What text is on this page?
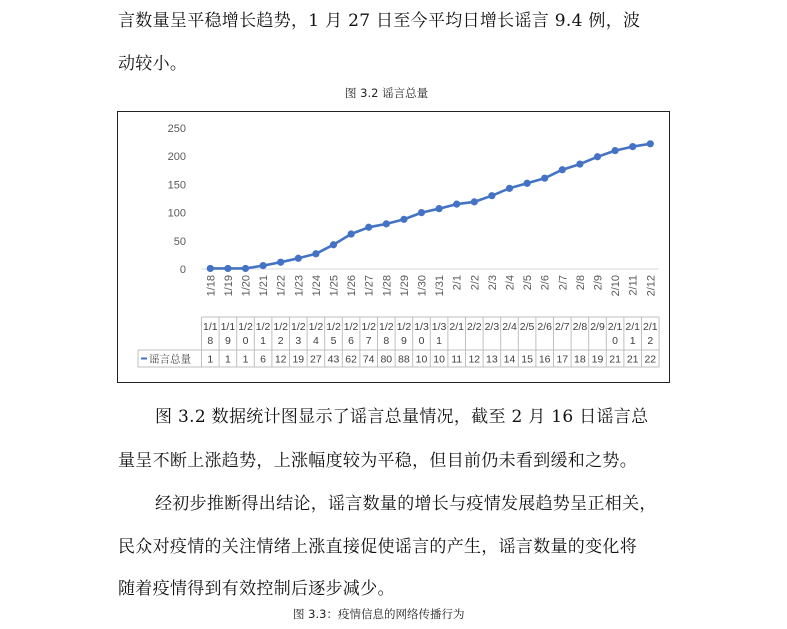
言数量呈平稳增长趋势，1 月 27 日至今平均日增长谣言 9.4 例，波
动较小。
图 3.2 谣言总量
0
50
100
150
200
250
1/18 1/19 1/20 1/21 1/22 1/23 1/24 1/25 1/26 1/27 1/28 1/29 1/30 1/31 2/1 2/2 2/3 2/4 2/5 2/6 2/7 2/8 2/9 2/10 2/11 2/12
1/1
8
1/1
9
1/2
0
1/2
1
1/2
2
1/2
3
1/2
4
1/2
5
1/2
6
1/2
7
1/2
8
1/2
9
1/3
0
1/3
1
2/1 2/2 2/3 2/4 2/5 2/6 2/7 2/8 2/9 2/1
0
2/1
1
2/1
2
谣言总量 1 1 1 6 12 19 27 43 62 74 80 88 10 10 11 12 13 14 15 16 17 18 19 21 21 22
图 3.2 数据统计图显示了谣言总量情况，截至 2 月 16 日谣言总
量呈不断上涨趋势，上涨幅度较为平稳，但目前仍未看到缓和之势。
经初步推断得出结论，谣言数量的增长与疫情发展趋势呈正相关，
民众对疫情的关注情绪上涨直接促使谣言的产生，谣言数量的变化将
随着疫情得到有效控制后逐步减少。
图 3.3：疫情信息的网络传播行为
